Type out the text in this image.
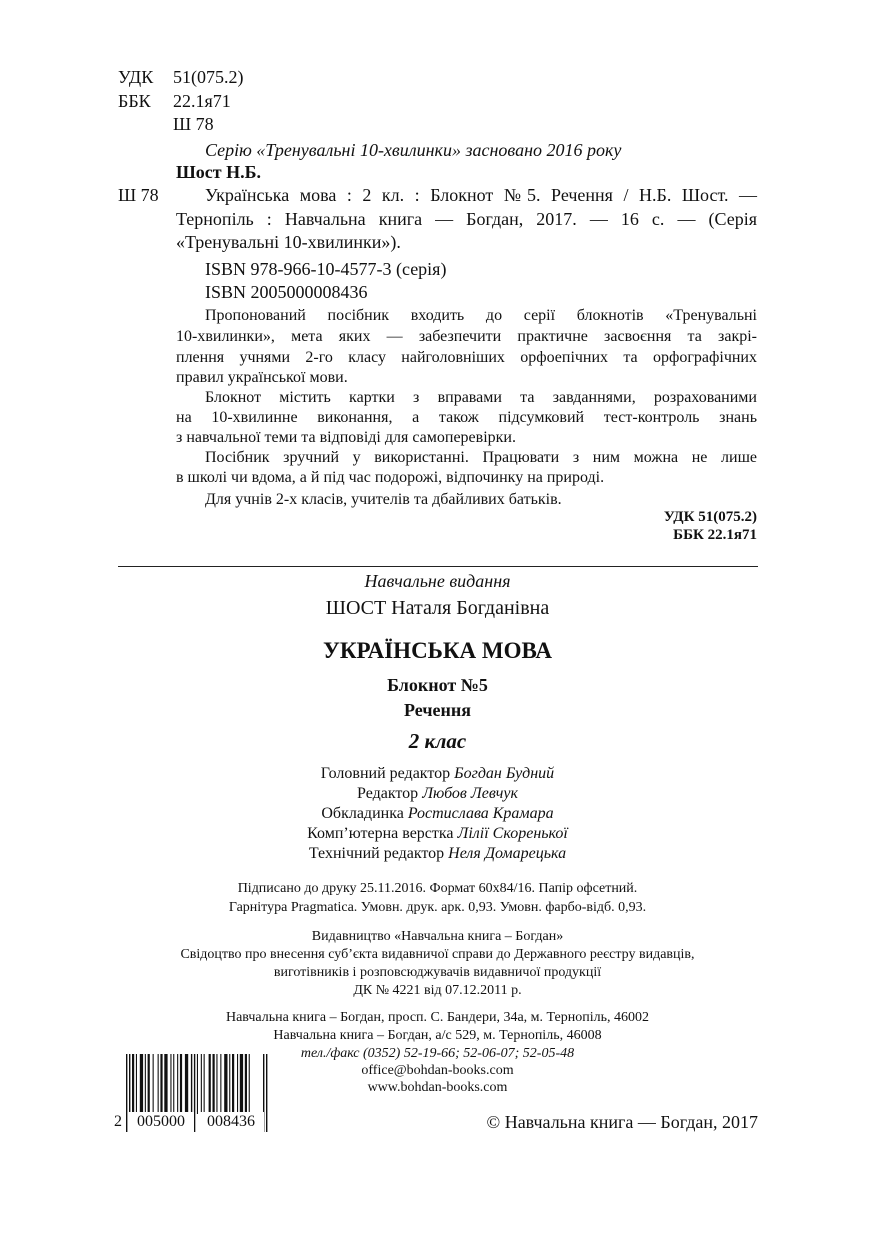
УДК 51(075.2)
ББК 22.1я71
Ш 78
Серію «Тренувальні 10-хвилинки» засновано 2016 року
Шост Н.Б.
Ш 78	Українська мова : 2 кл. : Блокнот №5. Речення / Н.Б. Шост. —
Тернопіль : Навчальна книга — Богдан, 2017. — 16 с. — (Серія
«Тренувальні 10-хвилинки»).
ISBN 978-966-10-4577-3 (серія)
ISBN 2005000008436
Пропонований посібник входить до серії блокнотів «Тренувальні
10-хвилинки», мета яких — забезпечити практичне засвоєння та закрі-
плення учнями 2-го класу найголовніших орфоепічних та орфографічних
правил української мови.
Блокнот містить картки з вправами та завданнями, розрахованими
на 10-хвилинне виконання, а також підсумковий тест-контроль знань
з навчальної теми та відповіді для самоперевірки.
Посібник зручний у використанні. Працювати з ним можна не лише
в школі чи вдома, а й під час подорожі, відпочинку на природі.
Для учнів 2-х класів, учителів та дбайливих батьків.
УДК 51(075.2)
ББК 22.1я71
Навчальне видання
ШОСТ Наталя Богданівна
УКРАЇНСЬКА МОВА
Блокнот №5
Речення
2 клас
Головний редактор Богдан Будний
Редактор Любов Левчук
Обкладинка Ростислава Крамара
Комп’ютерна верстка Лілії Скоренької
Технічний редактор Неля Домарецька
Підписано до друку 25.11.2016. Формат 60х84/16. Папір офсетний.
Гарнітура Pragmatica. Умовн. друк. арк. 0,93. Умовн. фарбо-відб. 0,93.
Видавництво «Навчальна книга – Богдан»
Свідоцтво про внесення суб’єкта видавничої справи до Державного реєстру видавців,
виготівників і розповсюджувачів видавничої продукції
ДК № 4221 від 07.12.2011 р.
Навчальна книга – Богдан, просп. С. Бандери, 34а, м. Тернопіль, 46002
Навчальна книга – Богдан, а/с 529, м. Тернопіль, 46008
тел./факс (0352) 52-19-66; 52-06-07; 52-05-48
office@bohdan-books.com
www.bohdan-books.com
2 005000	008436	© Навчальна книга — Богдан, 2017
